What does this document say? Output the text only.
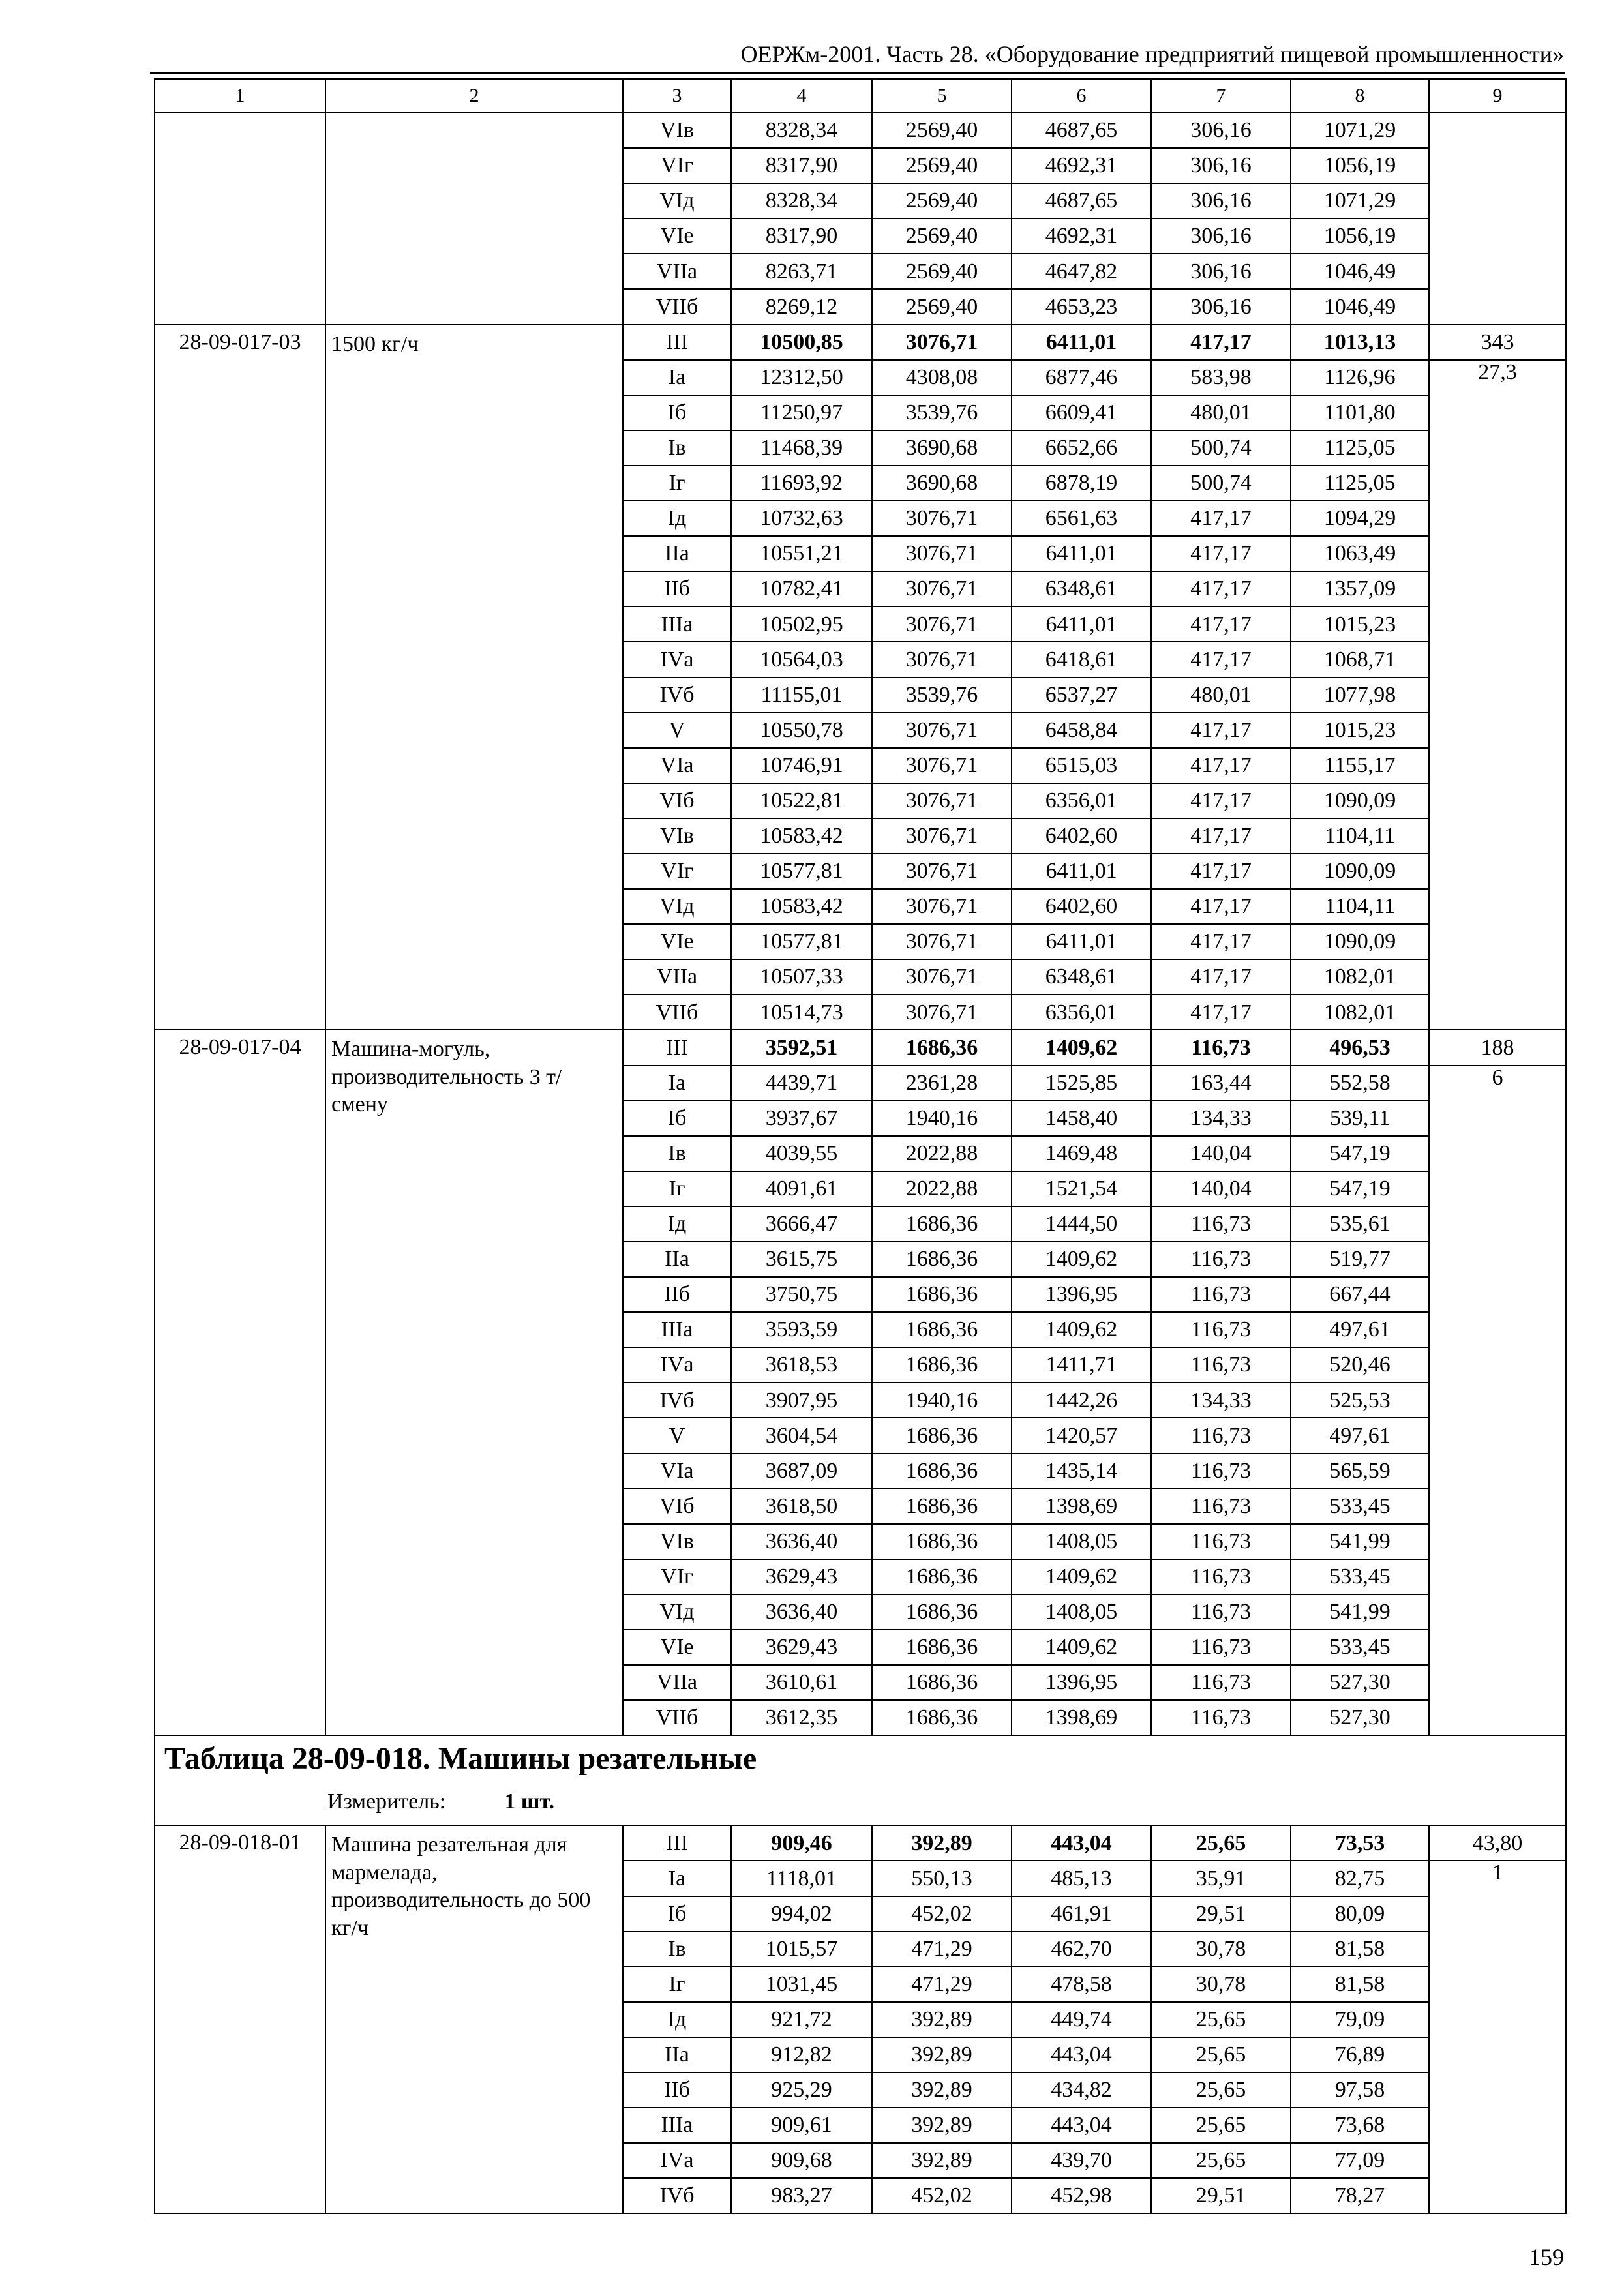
ОЕРЖм-2001. Часть 28. «Оборудование предприятий пищевой промышленности»
1	2	3	4	5	6	7	8	9
		VIв	8328,34	2569,40	4687,65	306,16	1071,29	
		VIг	8317,90	2569,40	4692,31	306,16	1056,19	
		VIд	8328,34	2569,40	4687,65	306,16	1071,29	
		VIе	8317,90	2569,40	4692,31	306,16	1056,19	
		VIIа	8263,71	2569,40	4647,82	306,16	1046,49	
		VIIб	8269,12	2569,40	4653,23	306,16	1046,49	
28-09-017-03	1500 кг/ч	III	10500,85	3076,71	6411,01	417,17	1013,13	343
		Iа	12312,50	4308,08	6877,46	583,98	1126,96	27,3
		Iб	11250,97	3539,76	6609,41	480,01	1101,80	
		Iв	11468,39	3690,68	6652,66	500,74	1125,05	
		Iг	11693,92	3690,68	6878,19	500,74	1125,05	
		Iд	10732,63	3076,71	6561,63	417,17	1094,29	
		IIа	10551,21	3076,71	6411,01	417,17	1063,49	
		IIб	10782,41	3076,71	6348,61	417,17	1357,09	
		IIIа	10502,95	3076,71	6411,01	417,17	1015,23	
		IVа	10564,03	3076,71	6418,61	417,17	1068,71	
		IVб	11155,01	3539,76	6537,27	480,01	1077,98	
		V	10550,78	3076,71	6458,84	417,17	1015,23	
		VIа	10746,91	3076,71	6515,03	417,17	1155,17	
		VIб	10522,81	3076,71	6356,01	417,17	1090,09	
		VIв	10583,42	3076,71	6402,60	417,17	1104,11	
		VIг	10577,81	3076,71	6411,01	417,17	1090,09	
		VIд	10583,42	3076,71	6402,60	417,17	1104,11	
		VIе	10577,81	3076,71	6411,01	417,17	1090,09	
		VIIа	10507,33	3076,71	6348,61	417,17	1082,01	
		VIIб	10514,73	3076,71	6356,01	417,17	1082,01	
28-09-017-04	Машина-могуль, производительность 3 т/смену	III	3592,51	1686,36	1409,62	116,73	496,53	188
		Iа	4439,71	2361,28	1525,85	163,44	552,58	6
		Iб	3937,67	1940,16	1458,40	134,33	539,11	
		Iв	4039,55	2022,88	1469,48	140,04	547,19	
		Iг	4091,61	2022,88	1521,54	140,04	547,19	
		Iд	3666,47	1686,36	1444,50	116,73	535,61	
		IIа	3615,75	1686,36	1409,62	116,73	519,77	
		IIб	3750,75	1686,36	1396,95	116,73	667,44	
		IIIа	3593,59	1686,36	1409,62	116,73	497,61	
		IVа	3618,53	1686,36	1411,71	116,73	520,46	
		IVб	3907,95	1940,16	1442,26	134,33	525,53	
		V	3604,54	1686,36	1420,57	116,73	497,61	
		VIа	3687,09	1686,36	1435,14	116,73	565,59	
		VIб	3618,50	1686,36	1398,69	116,73	533,45	
		VIв	3636,40	1686,36	1408,05	116,73	541,99	
		VIг	3629,43	1686,36	1409,62	116,73	533,45	
		VIд	3636,40	1686,36	1408,05	116,73	541,99	
		VIе	3629,43	1686,36	1409,62	116,73	533,45	
		VIIа	3610,61	1686,36	1396,95	116,73	527,30	
		VIIб	3612,35	1686,36	1398,69	116,73	527,30	

Таблица 28-09-018. Машины резательные
Измеритель: 1 шт.								

28-09-018-01	Машина резательная для мармелада, производительность до 500 кг/ч	III	909,46	392,89	443,04	25,65	73,53	43,80
		Iа	1118,01	550,13	485,13	35,91	82,75	1
		Iб	994,02	452,02	461,91	29,51	80,09	
		Iв	1015,57	471,29	462,70	30,78	81,58	
		Iг	1031,45	471,29	478,58	30,78	81,58	
		Iд	921,72	392,89	449,74	25,65	79,09	
		IIа	912,82	392,89	443,04	25,65	76,89	
		IIб	925,29	392,89	434,82	25,65	97,58	
		IIIа	909,61	392,89	443,04	25,65	73,68	
		IVа	909,68	392,89	439,70	25,65	77,09	
		IVб	983,27	452,02	452,98	29,51	78,27	
159
